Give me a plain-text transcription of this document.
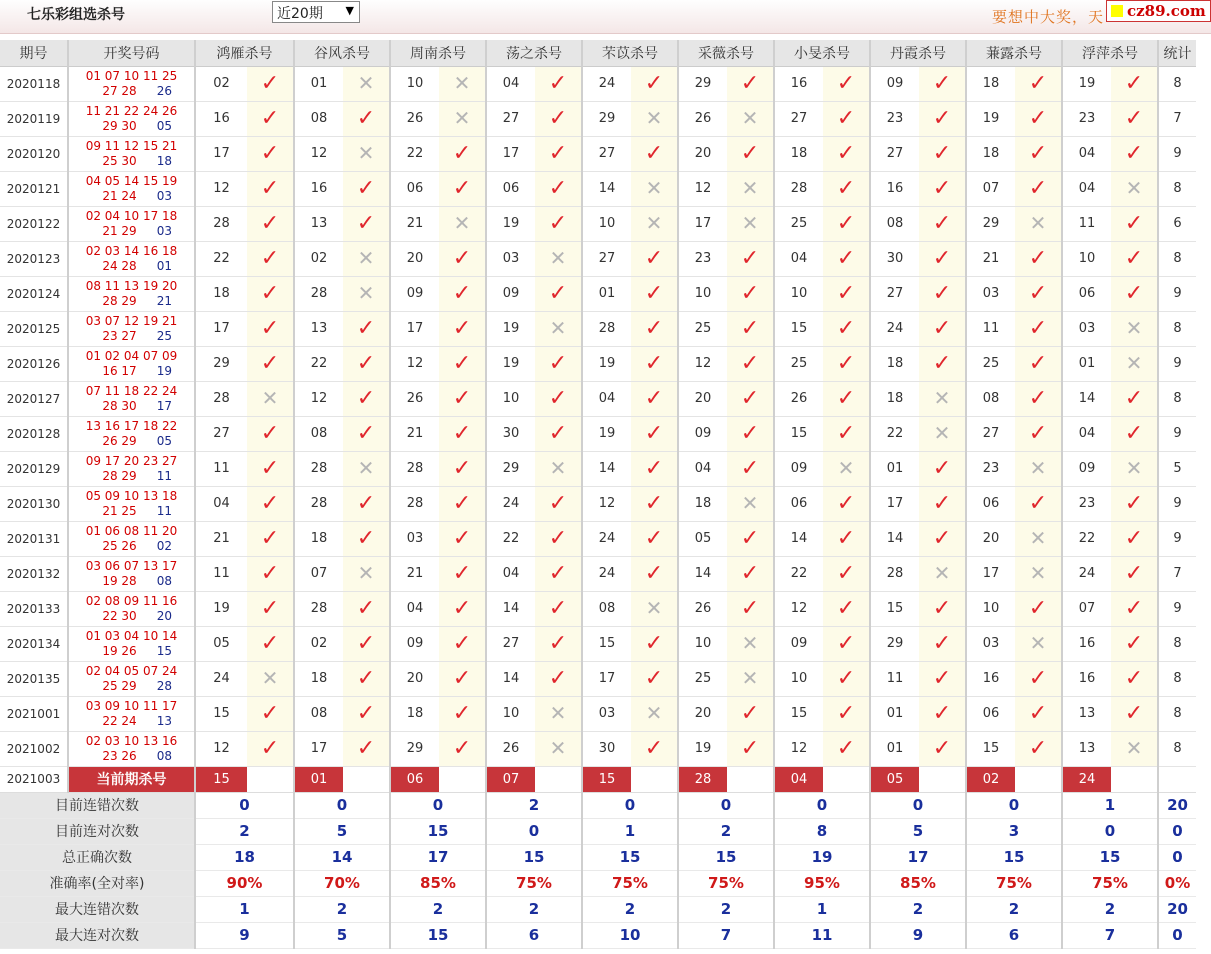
七乐彩组选杀号	近20期 ▼	要想中大奖，天	cz89.com
期号	开奖号码	鸿雁杀号		谷风杀号		周南杀号		荡之杀号		芣苡杀号		采薇杀号		小旻杀号		丹霞杀号		蒹露杀号		浮萍杀号		统计
2020118	01 07 10 11 25
27 28 26	02	✓	01	✕	10	✕	04	✓	24	✓	29	✓	16	✓	09	✓	18	✓	19	✓	8
2020119	11 21 22 24 26
29 30 05	16	✓	08	✓	26	✕	27	✓	29	✕	26	✕	27	✓	23	✓	19	✓	23	✓	7
2020120	09 11 12 15 21
25 30 18	17	✓	12	✕	22	✓	17	✓	27	✓	20	✓	18	✓	27	✓	18	✓	04	✓	9
2020121	04 05 14 15 19
21 24 03	12	✓	16	✓	06	✓	06	✓	14	✕	12	✕	28	✓	16	✓	07	✓	04	✕	8
2020122	02 04 10 17 18
21 29 03	28	✓	13	✓	21	✕	19	✓	10	✕	17	✕	25	✓	08	✓	29	✕	11	✓	6
2020123	02 03 14 16 18
24 28 01	22	✓	02	✕	20	✓	03	✕	27	✓	23	✓	04	✓	30	✓	21	✓	10	✓	8
2020124	08 11 13 19 20
28 29 21	18	✓	28	✕	09	✓	09	✓	01	✓	10	✓	10	✓	27	✓	03	✓	06	✓	9
2020125	03 07 12 19 21
23 27 25	17	✓	13	✓	17	✓	19	✕	28	✓	25	✓	15	✓	24	✓	11	✓	03	✕	8
2020126	01 02 04 07 09
16 17 19	29	✓	22	✓	12	✓	19	✓	19	✓	12	✓	25	✓	18	✓	25	✓	01	✕	9
2020127	07 11 18 22 24
28 30 17	28	✕	12	✓	26	✓	10	✓	04	✓	20	✓	26	✓	18	✕	08	✓	14	✓	8
2020128	13 16 17 18 22
26 29 05	27	✓	08	✓	21	✓	30	✓	19	✓	09	✓	15	✓	22	✕	27	✓	04	✓	9
2020129	09 17 20 23 27
28 29 11	11	✓	28	✕	28	✓	29	✕	14	✓	04	✓	09	✕	01	✓	23	✕	09	✕	5
2020130	05 09 10 13 18
21 25 11	04	✓	28	✓	28	✓	24	✓	12	✓	18	✕	06	✓	17	✓	06	✓	23	✓	9
2020131	01 06 08 11 20
25 26 02	21	✓	18	✓	03	✓	22	✓	24	✓	05	✓	14	✓	14	✓	20	✕	22	✓	9
2020132	03 06 07 13 17
19 28 08	11	✓	07	✕	21	✓	04	✓	24	✓	14	✓	22	✓	28	✕	17	✕	24	✓	7
2020133	02 08 09 11 16
22 30 20	19	✓	28	✓	04	✓	14	✓	08	✕	26	✓	12	✓	15	✓	10	✓	07	✓	9
2020134	01 03 04 10 14
19 26 15	05	✓	02	✓	09	✓	27	✓	15	✓	10	✕	09	✓	29	✓	03	✕	16	✓	8
2020135	02 04 05 07 24
25 29 28	24	✕	18	✓	20	✓	14	✓	17	✓	25	✕	10	✓	11	✓	16	✓	16	✓	8
2021001	03 09 10 11 17
22 24 13	15	✓	08	✓	18	✓	10	✕	03	✕	20	✓	15	✓	01	✓	06	✓	13	✓	8
2021002	02 03 10 13 16
23 26 08	12	✓	17	✓	29	✓	26	✕	30	✓	19	✓	12	✓	01	✓	15	✓	13	✕	8
2021003	当前期杀号	15		01		06		07		15		28		04		05		02		24		
目前连错次数		0		0		0		2		0		0		0		0		0		1		20
目前连对次数		2		5		15		0		1		2		8		5		3		0		0
总正确次数		18		14		17		15		15		15		19		17		15		15		0
准确率(全对率)		90%		70%		85%		75%		75%		75%		95%		85%		75%		75%		0%
最大连错次数		1		2		2		2		2		2		1		2		2		2		20
最大连对次数		9		5		15		6		10		7		11		9		6		7		0
